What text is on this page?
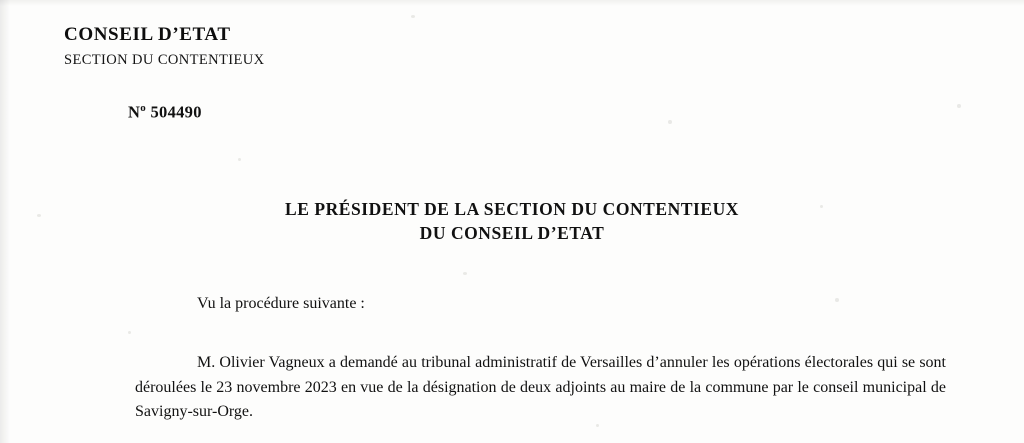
CONSEIL D’ETAT
SECTION DU CONTENTIEUX
$N^o$ 504490
LE PRÉSIDENT DE LA SECTION DU CONTENTIEUX
DU CONSEIL D’ETAT

Vu la procédure suivante :

M. Olivier Vagneux a demandé au tribunal administratif de Versailles d’annuler les opérations électorales qui se sont déroulées le 23 novembre 2023 en vue de la désignation de deux adjoints au maire de la commune par le conseil municipal de Savigny-sur-Orge.
